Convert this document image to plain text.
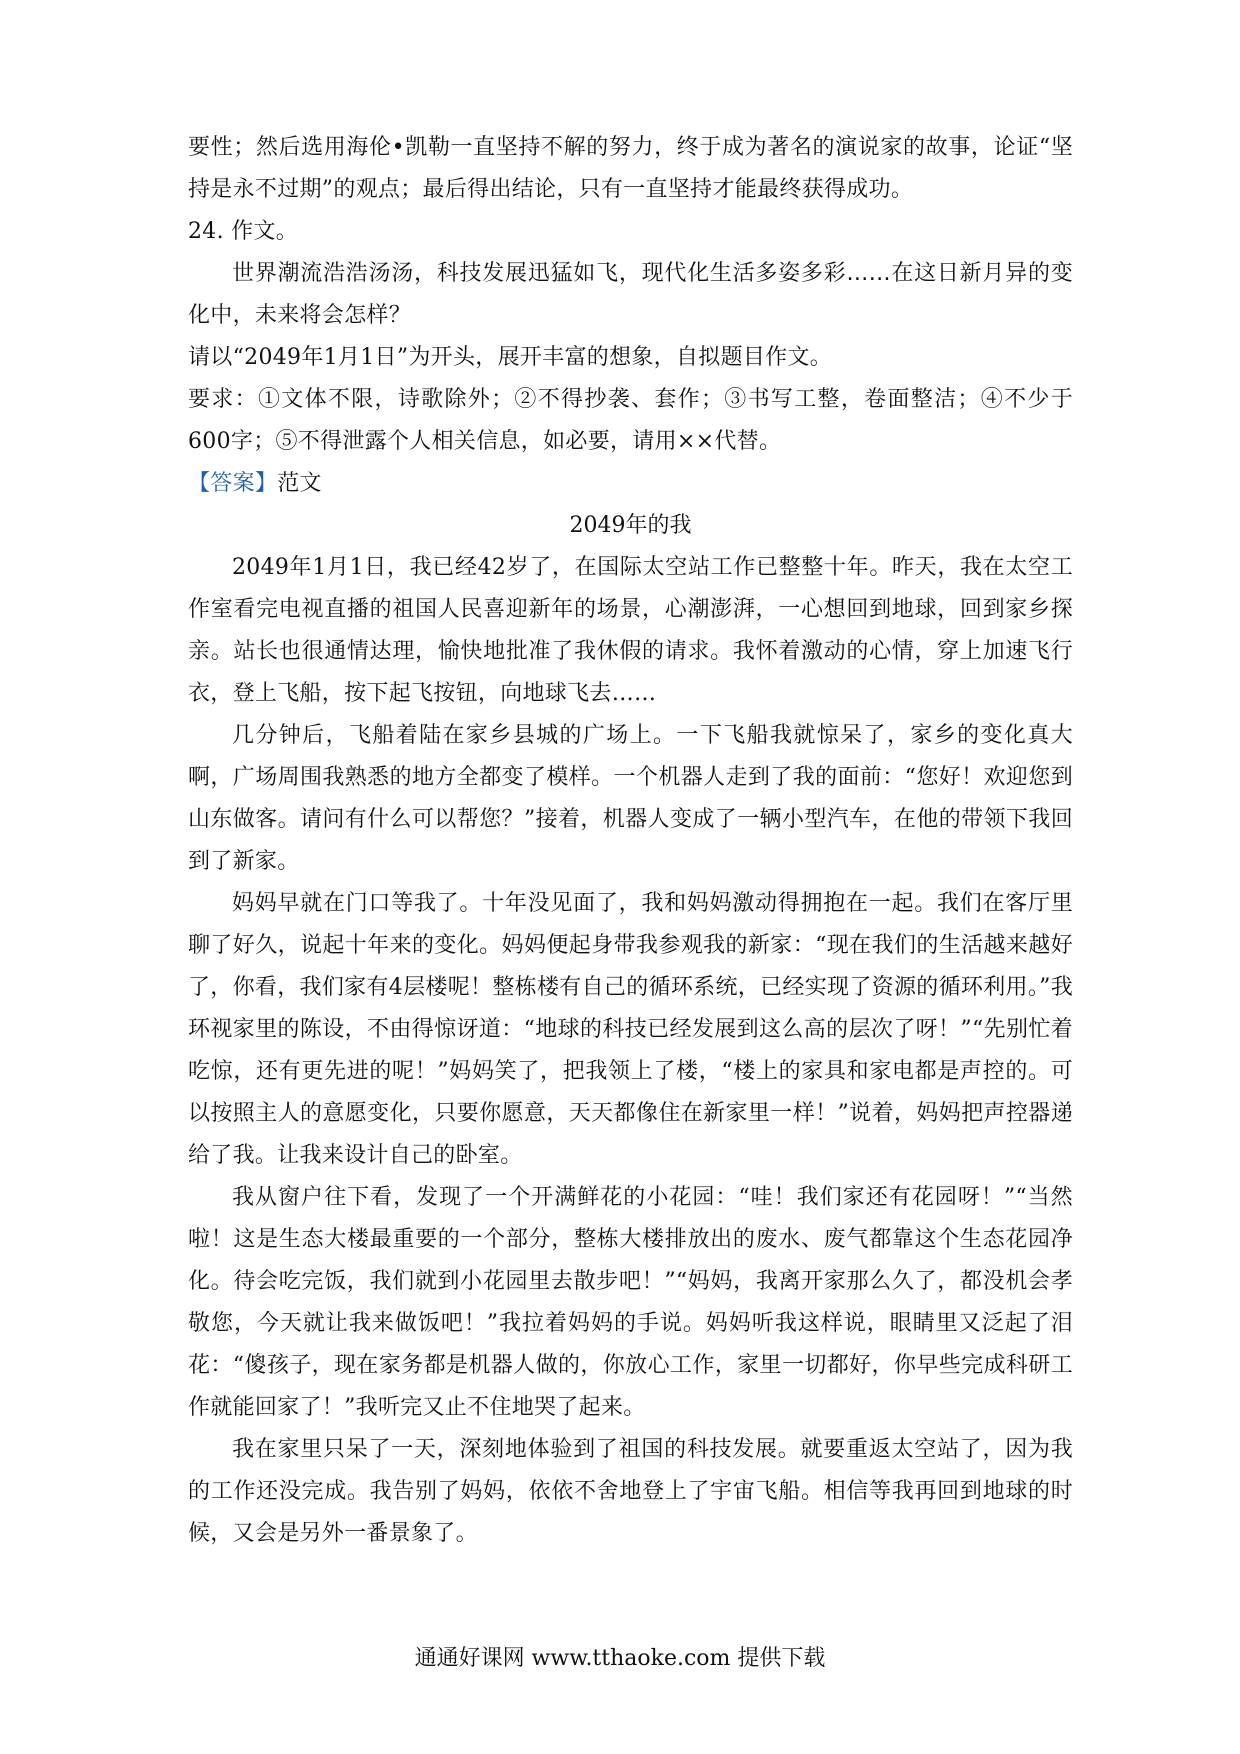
要性；然后选用海伦•凯勒一直坚持不解的努力，终于成为著名的演说家的故事，论证“坚持是永不过期”的观点；最后得出结论，只有一直坚持才能最终获得成功。

24. 作文。

世界潮流浩浩汤汤，科技发展迅猛如飞，现代化生活多姿多彩……在这日新月异的变化中，未来将会怎样？

请以“2049年1月1日”为开头，展开丰富的想象，自拟题目作文。

要求：①文体不限，诗歌除外；②不得抄袭、套作；③书写工整，卷面整洁；④不少于600字；⑤不得泄露个人相关信息，如必要，请用××代替。

【答案】范文

2049年的我

2049年1月1日，我已经42岁了，在国际太空站工作已整整十年。昨天，我在太空工作室看完电视直播的祖国人民喜迎新年的场景，心潮澎湃，一心想回到地球，回到家乡探亲。站长也很通情达理，愉快地批准了我休假的请求。我怀着激动的心情，穿上加速飞行衣，登上飞船，按下起飞按钮，向地球飞去……

几分钟后，飞船着陆在家乡县城的广场上。一下飞船我就惊呆了，家乡的变化真大啊，广场周围我熟悉的地方全都变了模样。一个机器人走到了我的面前：“您好！欢迎您到山东做客。请问有什么可以帮您？”接着，机器人变成了一辆小型汽车，在他的带领下我回到了新家。

妈妈早就在门口等我了。十年没见面了，我和妈妈激动得拥抱在一起。我们在客厅里聊了好久，说起十年来的变化。妈妈便起身带我参观我的新家：“现在我们的生活越来越好了，你看，我们家有4层楼呢！整栋楼有自己的循环系统，已经实现了资源的循环利用。”我环视家里的陈设，不由得惊讶道：“地球的科技已经发展到这么高的层次了呀！”“先别忙着吃惊，还有更先进的呢！”妈妈笑了，把我领上了楼，“楼上的家具和家电都是声控的。可以按照主人的意愿变化，只要你愿意，天天都像住在新家里一样！”说着，妈妈把声控器递给了我。让我来设计自己的卧室。

我从窗户往下看，发现了一个开满鲜花的小花园：“哇！我们家还有花园呀！”“当然啦！这是生态大楼最重要的一个部分，整栋大楼排放出的废水、废气都靠这个生态花园净化。待会吃完饭，我们就到小花园里去散步吧！”“妈妈，我离开家那么久了，都没机会孝敬您，今天就让我来做饭吧！”我拉着妈妈的手说。妈妈听我这样说，眼睛里又泛起了泪花：“傻孩子，现在家务都是机器人做的，你放心工作，家里一切都好，你早些完成科研工作就能回家了！”我听完又止不住地哭了起来。

我在家里只呆了一天，深刻地体验到了祖国的科技发展。就要重返太空站了，因为我的工作还没完成。我告别了妈妈，依依不舍地登上了宇宙飞船。相信等我再回到地球的时候，又会是另外一番景象了。

通通好课网 www.tthaoke.com 提供下载
